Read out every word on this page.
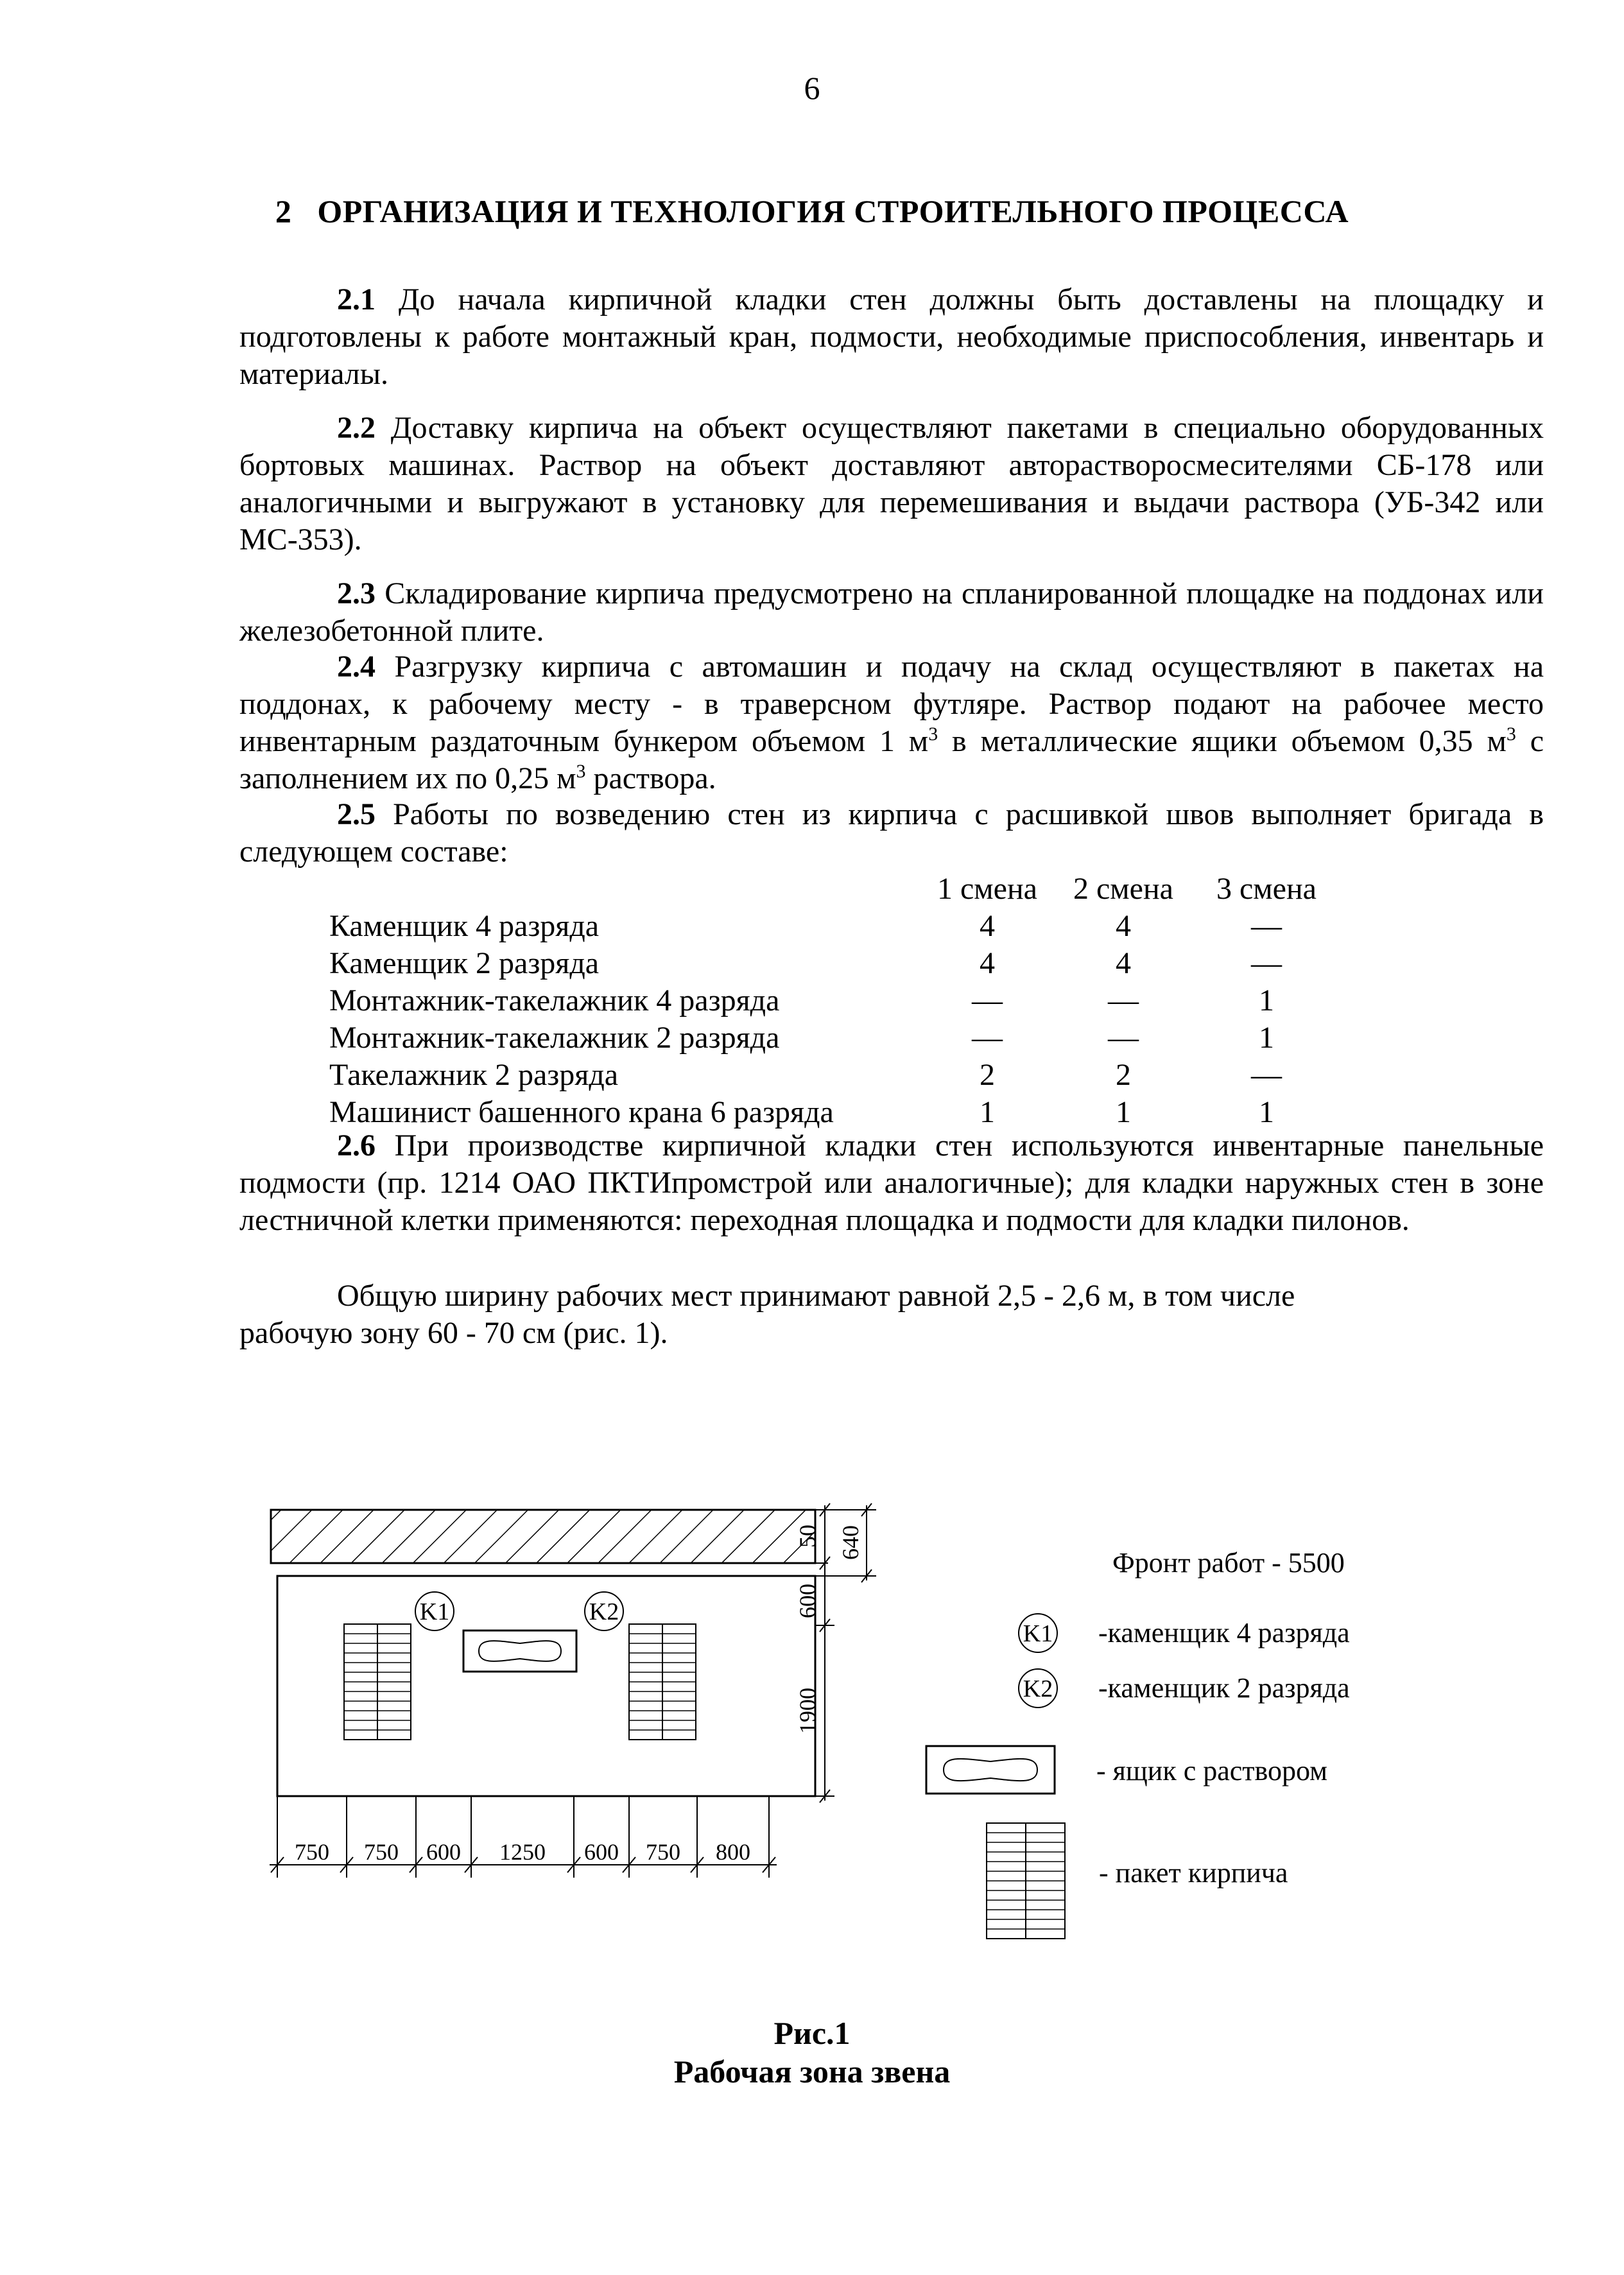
6
2 ОРГАНИЗАЦИЯ И ТЕХНОЛОГИЯ СТРОИТЕЛЬНОГО ПРОЦЕССА

2.1 До начала кирпичной кладки стен должны быть доставлены на площадку и подготовлены к работе монтажный кран, подмости, необходимые приспособления, инвентарь и материалы.

2.2 Доставку кирпича на объект осуществляют пакетами в специально оборудованных бортовых машинах. Раствор на объект доставляют авторастворосмесителями СБ-178 или аналогичными и выгружают в установку для перемешивания и выдачи раствора (УБ-342 или МС-353).

2.3 Складирование кирпича предусмотрено на спланированной площадке на поддонах или железобетонной плите.

2.4 Разгрузку кирпича с автомашин и подачу на склад осуществляют в пакетах на поддонах, к рабочему месту - в траверсном футляре. Раствор подают на рабочее место инвентарным раздаточным бункером объемом 1 $м^3$ в металлические ящики объемом 0,35 $м^3$ с заполнением их по 0,25 $м^3$ раствора.

2.5 Работы по возведению стен из кирпича с расшивкой швов выполняет бригада в следующем составе:

1 смена	2 смена	3 смена
Каменщик 4 разряда	4	4	—
Каменщик 2 разряда	4	4	—
Монтажник-такелажник 4 разряда	—	—	1
Монтажник-такелажник 2 разряда	—	—	1
Такелажник 2 разряда	2	2	—
Машинист башенного крана 6 разряда	1	1	1

2.6 При производстве кирпичной кладки стен используются инвентарные панельные подмости (пр. 1214 ОАО ПКТИпромстрой или аналогичные); для кладки наружных стен в зоне лестничной клетки применяются: переходная площадка и подмости для кладки пилонов.

Общую ширину рабочих мест принимают равной 2,5 - 2,6 м, в том числе рабочую зону 60 - 70 см (рис. 1).

750 750 600 1250 600 750 800
50 640
600
1900
K1	K2
Фронт работ - 5500
K1 -каменщик 4 разряда
K2 -каменщик 2 разряда
- ящик с раствором
- пакет кирпича
Рис.1
Рабочая зона звена
